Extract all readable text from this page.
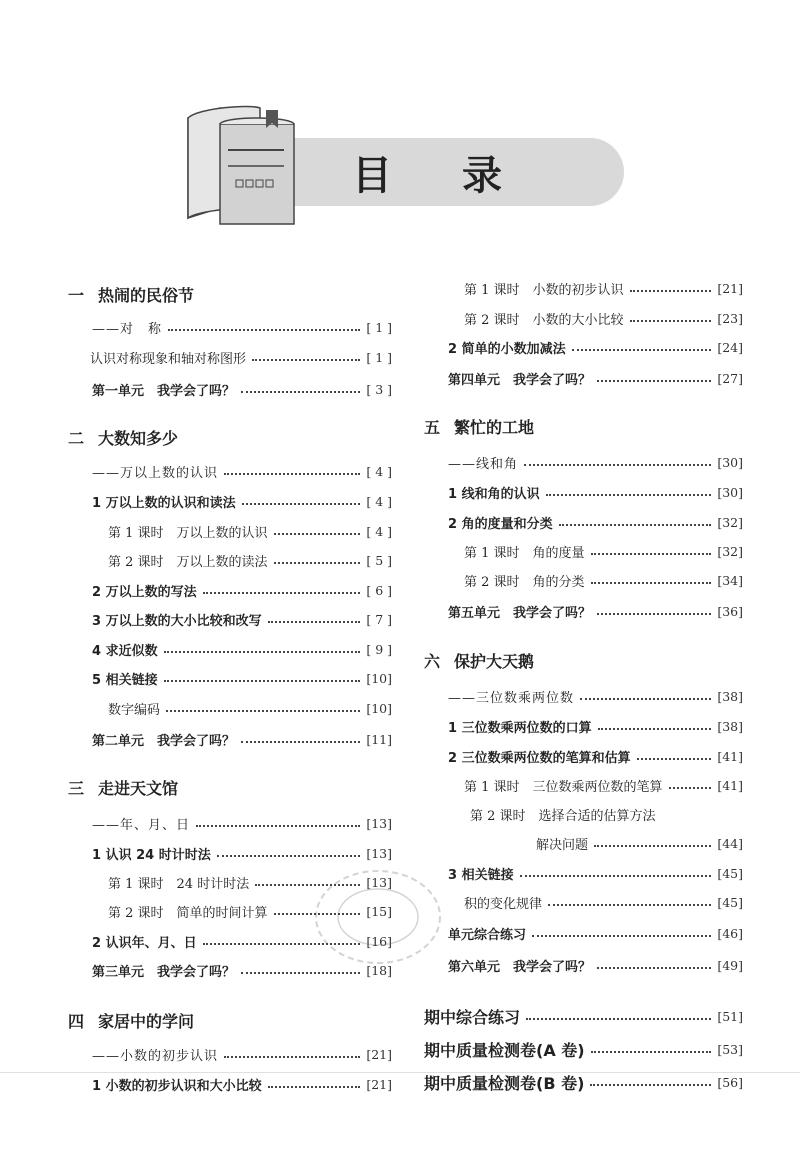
目 录
一 热闹的民俗节
——对　称	[ 1 ]
认识对称现象和轴对称图形	[ 1 ]
第一单元　我学会了吗？	[ 3 ]
二 大数知多少
——万以上数的认识	[ 4 ]
1 万以上数的认识和读法	[ 4 ]
第 1 课时　万以上数的认识	[ 4 ]
第 2 课时　万以上数的读法	[ 5 ]
2 万以上数的写法	[ 6 ]
3 万以上数的大小比较和改写	[ 7 ]
4 求近似数	[ 9 ]
5 相关链接	[10]
数字编码	[10]
第二单元　我学会了吗？	[11]
三 走进天文馆
——年、月、日	[13]
1 认识 24 时计时法	[13]
第 1 课时　24 时计时法	[13]
第 2 课时　简单的时间计算	[15]
2 认识年、月、日	[16]
第三单元　我学会了吗？	[18]
四 家居中的学问
——小数的初步认识	[21]
1 小数的初步认识和大小比较	[21]
第 1 课时　小数的初步认识	[21]
第 2 课时　小数的大小比较	[23]
2 简单的小数加减法	[24]
第四单元　我学会了吗？	[27]
五 繁忙的工地
——线和角	[30]
1 线和角的认识	[30]
2 角的度量和分类	[32]
第 1 课时　角的度量	[32]
第 2 课时　角的分类	[34]
第五单元　我学会了吗？	[36]
六 保护大天鹅
——三位数乘两位数	[38]
1 三位数乘两位数的口算	[38]
2 三位数乘两位数的笔算和估算	[41]
第 1 课时　三位数乘两位数的笔算	[41]
第 2 课时　选择合适的估算方法
解决问题	[44]
3 相关链接	[45]
积的变化规律	[45]
单元综合练习	[46]
第六单元　我学会了吗？	[49]
期中综合练习	[51]
期中质量检测卷(A 卷)	[53]
期中质量检测卷(B 卷)	[56]
